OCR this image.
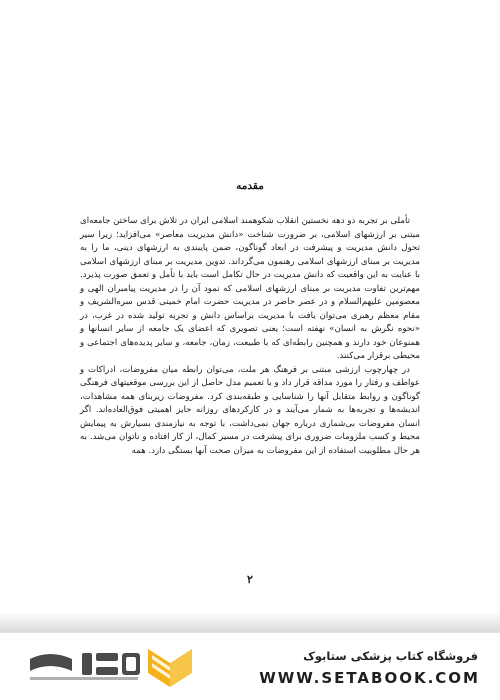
مقدمه

تأملی بر تجربه دو دهه نخستین انقلاب شکوهمند اسلامی ایران در تلاش برای ساختن جامعه‌ای مبتنی بر ارزشهای اسلامی، بر ضرورت شناخت «دانش مدیریت معاصر» می‌افزاید؛ زیرا سیر تحول دانش مدیریت و پیشرفت در ابعاد گوناگون، ضمن پایبندی به ارزشهای دینی، ما را به مدیریت بر مبنای ارزشهای اسلامی رهنمون می‌گرداند. تدوین مدیریت بر مبنای ارزشهای اسلامی با عنایت به این واقعیت که دانش مدیریت در حال تکامل است باید با تأمل و تعمق صورت پذیرد. مهم‌ترین تفاوت مدیریت بر مبنای ارزشهای اسلامی که نمود آن را در مدیریت پیامبران الهی و معصومین علیهم‌السلام و در عصر حاضر در مدیریت حضرت امام خمینی قدس سره‌الشریف و مقام معظم رهبری می‌توان یافت با مدیریت براساس دانش و تجربه تولید شده در غرب، در «نحوه نگرش به انسان» نهفته است؛ یعنی تصویری که اعضای یک جامعه از سایر انسانها و همنوعان خود دارند و همچنین رابطه‌ای که با طبیعت، زمان، جامعه، و سایر پدیده‌های اجتماعی و محیطی برقرار می‌کنند.

در چهارچوب ارزشی مبتنی بر فرهنگ هر ملت، می‌توان رابطه میان مفروضات، ادراکات و عواطف و رفتار را مورد مداقه قرار داد و با تعمیم مدل حاصل از این بررسی موقعیتهای فرهنگی گوناگون و روابط متقابل آنها را شناسایی و طبقه‌بندی کرد. مفروضات زیربنای همه مشاهدات، اندیشه‌ها و تجربه‌ها به شمار می‌آیند و در کارکردهای روزانه حایز اهمیتی فوق‌العاده‌اند. اگر انسان مفروضات بی‌شماری درباره جهان نمی‌داشت، با توجه به نیازمندی بسیارش به پیمایش محیط و کسب ملزومات ضروری برای پیشرفت در مسیر کمال، از کار افتاده و ناتوان می‌شد. به هر حال مطلوبیت استفاده از این مفروضات به میزان صحت آنها بستگی دارد. همه

۲
فروشگاه کتاب پزشکی ستابوک
WWW.SETABOOK.COM
